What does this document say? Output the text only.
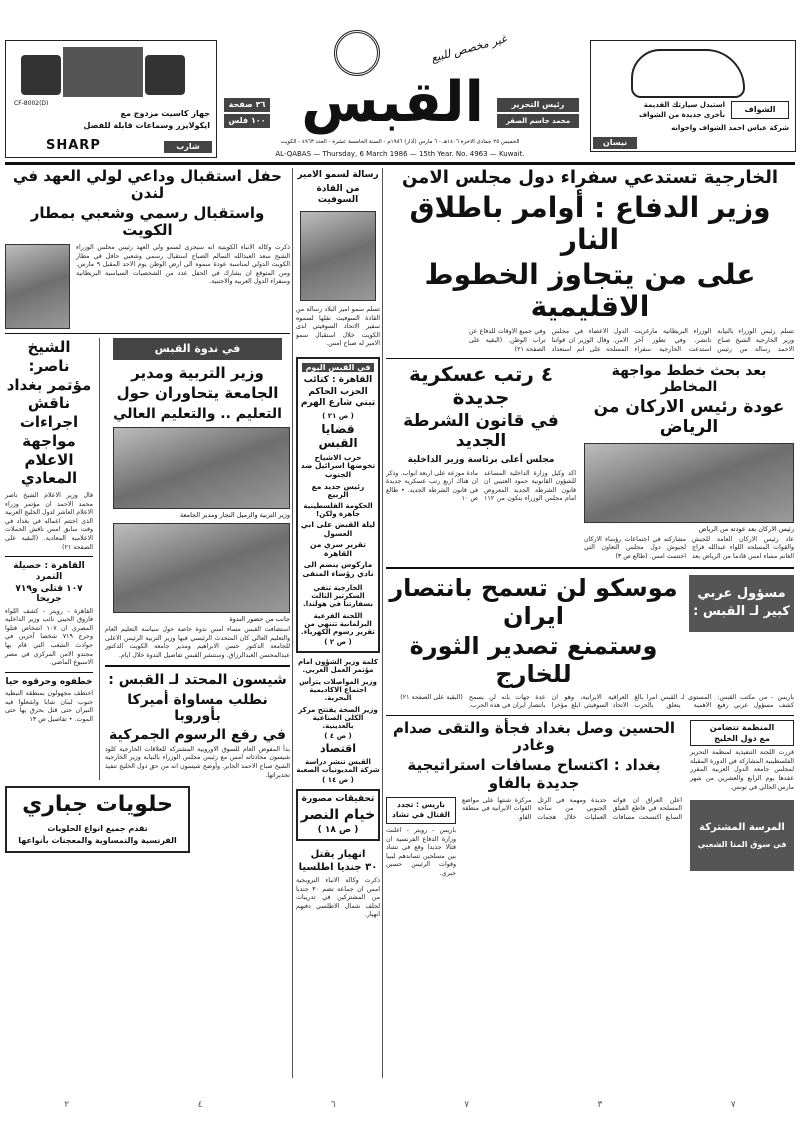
CF-8002(D)
جهاز كاسيت مزدوج مع
ايكولايزر وسماعات قابلة للفصل
SHARP	شارب
٣٦ صفحة
١٠٠ فلس القبس
غير مخصص للبيع
رئيس التحرير
محمد جاسم الصقر
استبدل سيارتك القديمة
بأخرى جديدة من الشواف
الشواف
شركة عباس احمد الشواف واخوانه
نيسان
الخميس ٢٥ جمادى الاخرة ١٤٠٦هـ - ٦ مارس (آذار) ١٩٨٦م - السنة الخامسة عشرة - العدد ٤٩٦٣ - الكويت
AL-QABAS — Thursday, 6 March 1986 — 15th Year. No. 4963 — Kuwait.
حفل استقبال وداعي لولي العهد في لندن
واستقبال رسمي وشعبي بمطار الكويت
ذكرت وكالة الانباء الكويتية انه سيجرى لسمو ولي العهد رئيس مجلس الوزراء الشيخ سعد العبدالله السالم الصباح استقبال رسمي وشعبي حافل في مطار الكويت الدولي لمناسبة عودة سموه الى ارض الوطن يوم الاحد المقبل ٩ مارس. ومن المتوقع ان يشارك في الحفل عدد من الشخصيات السياسية البريطانية وسفراء الدول العربية والاجنبية.
الشيخ ناصر: مؤتمر بغداد ناقش اجراءات مواجهة الاعلام المعادي
قال وزير الاعلام الشيخ ناصر محمد الاحمد ان مؤتمر وزراء الاعلام العاشر لدول الخليج العربية الذي اختتم اعماله في بغداد في وقت سابق امس ناقش الحملات الاعلامية المعادية. (البقية على الصفحة ٢١)
القاهرة : حصيلة التمرد
١٠٧ قتلى و٧١٩ جريحا
القاهرة - رويتر - كشف اللواء فاروق الحيني نائب وزير الداخلية المصري ان ١٠٧ اشخاص قتلوا وجرح ٧١٩ شخصا آخرين في حوادث الشغب التي قام بها مجندو الامن المركزي في مصر الاسبوع الماضي.
خطفوه وحرقوه حيا
اختطف مجهولون بمنطقة النبطية جنوب لبنان شابا واشعلوا فيه النيران حتى قتل بحرق بها حتى الموت. • تفاصيل ص ١٣
في ندوة القبس
وزير التربية ومدير الجامعة يتحاوران حول
التعليم .. والتعليم العالي
وزير التربية والزميل النجار ومدير الجامعة
جانب من حضور الندوة
استضافت القبس مساء امس ندوة خاصة حول سياسة التعليم العام والتعليم العالي كان المتحدث الرئيسي فيها وزير التربية الرئيس الاعلى للجامعة الدكتور حسن الابراهيم ومدير جامعة الكويت الدكتور عبدالمحسن العبدالرزاق. وستنشر القبس تفاصيل الندوة خلال ايام.
شيسون المحتد لـ القبس :
نطلب مساواة أميركا بأوروبا
في رفع الرسوم الجمركية
بدأ المفوض العام للسوق الاوروبية المشتركة للعلاقات الخارجية كلود شيسون محادثاته امس مع رئيس مجلس الوزراء بالنيابة وزير الخارجية الشيخ صباح الاحمد الجابر. وأوضح شيسون انه من حق دول الخليج تنفيذ تحذيراتها.
حلويات جباري
تقدم جميع انواع الحلويات
الفرنسية والنمساوية والمعجنات بأنواعها
رسالة لسمو الامير
من القادة السوفيت
تسلم سمو امير البلاد رسالة من القادة السوفيت نقلها لسموه سفير الاتحاد السوفيتي لدى الكويت خلال استقبال سمو الامير له صباح امس.
في القبس اليوم
القاهرة : كتائب الحزب الحاكم تبني شارع الهرم
( ص ٢١ )
قضايا القبس
حرب الاشباح تخوضها اسرائيل ضد الجنوب
رئيس جديد مع الربيع
الحكومة الفلسطينية جاهزة ولكن!
ليلة القبض على ابي العسول
تقرير سري من القاهرة
ماركوس ينضم الى نادي رؤساء المنفى
الخارجية تنفي السكرتير الثالث بسفارتنا في هولندا.
اللجنة الفرعية البرلمانية تنتهي من تقرير رسوم الكهرباء.
( ص ٢ )
كلمة وزير الشؤون امام مؤتمر العمل العربي.
وزير المواصلات يترأس اجتماع الاكاديمية البحرية.
وزير الصحة يفتتح مركز الكلى الصناعية بالعدينية.
( ص ٤ )
اقتصاد
القبس تنشر دراسة شركة المديونيات الصعبة
( ص ١٤ )
تحقيقات مصورة
خيام النصر
( ص ١٨ )
انهيار يقتل
٣٠ جنديا اطلسيا
ذكرت وكالة الانباء النرويجية امس ان جماعة تضم ٣٠ جنديا من المشتركين في تدريبات لحلف شمال الاطلسي دفنهم انهيار.
الخارجية تستدعي سفراء دول مجلس الامن
وزير الدفاع : أوامر باطلاق النار
على من يتجاوز الخطوط الاقليمية
تسلم رئيس الوزراء بالنيابة وزير الخارجية الشيخ صباح الاحمد رسالة من رئيس الوزراء البريطانية مارغريت تاتشر. وفي تطور آخر استدعت الخارجية سفراء الدول الاعضاء في مجلس الامن. وقال الوزير ان قواتنا المسلحة على اتم استعداد وفي جميع الاوقات للدفاع عن تراب الوطن. (البقية على الصفحة ٢١)
٤ رتب عسكرية جديدة
في قانون الشرطة الجديد
مجلس أعلى برئاسة وزير الداخلية
اكد وكيل وزارة الداخلية المساعد للشؤون القانونية حمود العتيبي ان قانون الشرطة الجديد المعروض امام مجلس الوزراء يتكون من ١١٢ مادة موزعة على اربعة ابواب. وذكر ان هناك اربع رتب عسكرية جديدة في قانون الشرطة الجديد. • طالع ص ١٠
بعد بحث خطط مواجهة المخاطر
عودة رئيس الاركان من الرياض
رئيس الاركان بعد عودته من الرياض
عاد رئيس الاركان العامة للجيش والقوات المسلحة اللواء عبدالله فراج الغانم مساء امس قادما من الرياض بعد مشاركته في اجتماعات رؤساء الاركان لجيوش دول مجلس التعاون التي اختتمت امس. (طالع ص ٣)
موسكو لن تسمح بانتصار ايران
وستمنع تصدير الثورة للخارج
مسؤول عربي كبير لـ القبس :
باريس - من مكتب القبس: كشف مسؤول عربي رفيع المستوى لـ القبس امرا بالغ الاهمية يتعلق بالحرب العراقية الايرانية، وهو ان الاتحاد السوفيتي ابلغ مؤخرا عدة جهات بانه لن يسمح بانتصار ايران في هذه الحرب. (البقية على الصفحة ٢١)
الحسين وصل بغداد فجأة والتقى صدام وغادر
بغداد : اكتساح مسافات استراتيجية جديدة بالفاو
باريس : تجدد
القتال في تشاد
باريس - رويتر - اعلنت وزارة الدفاع الفرنسية ان قتالا جديدا وقع في تشاد بين مسلحين تساندهم ليبيا وقوات الرئيس حسين حبري.
اعلن العراق ان قواته المسلحة في قاطع الفيلق السابع اكتسحت مسافات جديدة ومهمة في الرتل الجنوبي من ساحة العمليات خلال هجمات مركزة شنتها على مواضع القوات الايرانية في منطقة الفاو.
المنظمة تتضامن
مع دول الخليج
قررت اللجنة التنفيذية لمنظمة التحرير الفلسطينية المشاركة في الدورة المقبلة لمجلس جامعة الدول العربية المقرر عقدها يوم الرابع والعشرين من شهر مارس الحالي في تونس.
المرسة المشتركة
في سوق المنا الشعبي
٢	٤	٦	٧	٣	٧
